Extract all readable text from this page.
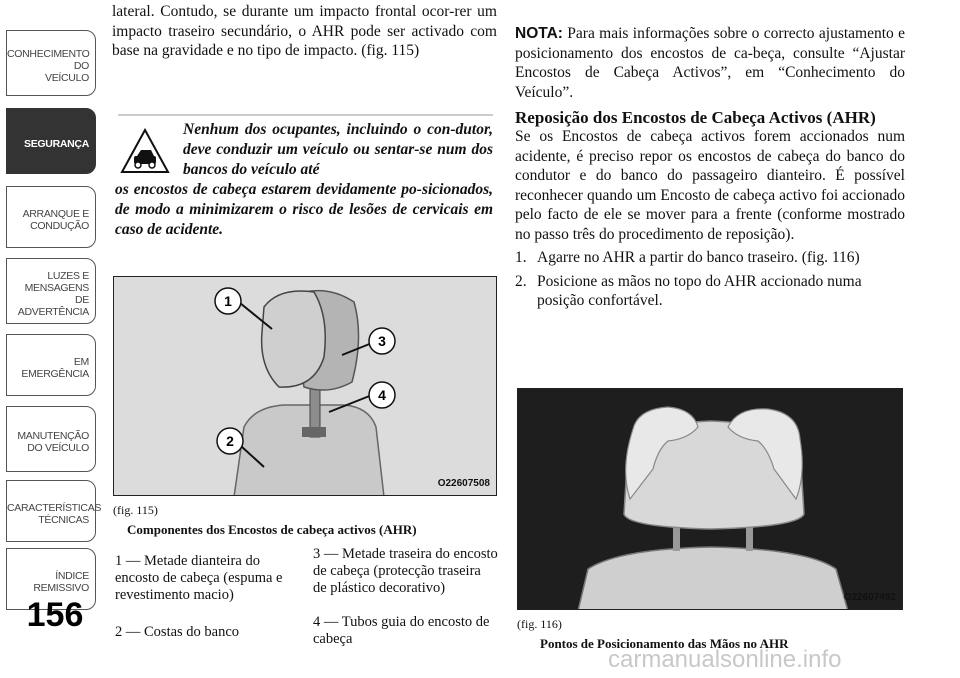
CONHECIMENTO
DO
VEÍCULO
SEGURANÇA
ARRANQUE E
CONDUÇÃO
LUZES E
MENSAGENS
DE
ADVERTÊNCIA
EM
EMERGÊNCIA
MANUTENÇÃO
DO VEÍCULO
CARACTERÍSTICAS
TÉCNICAS
ÍNDICE
REMISSIVO
156
lateral. Contudo, se durante um impacto frontal ocor-rer um impacto traseiro secundário, o AHR pode ser activado com base na gravidade e no tipo de impacto. (fig. 115)
Nenhum dos ocupantes, incluindo o con-dutor, deve conduzir um veículo ou sentar-se num dos bancos do veículo até
os encostos de cabeça estarem devidamente po-sicionados, de modo a minimizarem o risco de lesões de cervicais em caso de acidente.
1
2
3
4
O22607508
(fig. 115)
Componentes dos Encostos de cabeça activos (AHR)
1 — Metade dianteira do encosto de cabeça (espuma e revestimento macio)
2 — Costas do banco
3 — Metade traseira do encosto de cabeça (protecção traseira de plástico decorativo)
4 — Tubos guia do encosto de cabeça
NOTA: Para mais informações sobre o correcto ajustamento e posicionamento dos encostos de ca-beça, consulte “Ajustar Encostos de Cabeça Activos”, em “Conhecimento do Veículo”.
Reposição dos Encostos de Cabeça Activos (AHR)
Se os Encostos de cabeça activos forem accionados num acidente, é preciso repor os encostos de cabeça do banco do condutor e do banco do passageiro dianteiro. É possível reconhecer quando um Encosto de cabeça activo foi accionado pelo facto de ele se mover para a frente (conforme mostrado no passo três do procedimento de reposição).
1. Agarre no AHR a partir do banco traseiro. (fig. 116)
2. Posicione as mãos no topo do AHR accionado numa posição confortável.
O22607492
(fig. 116)
Pontos de Posicionamento das Mãos no AHR
carmanualsonline.info
